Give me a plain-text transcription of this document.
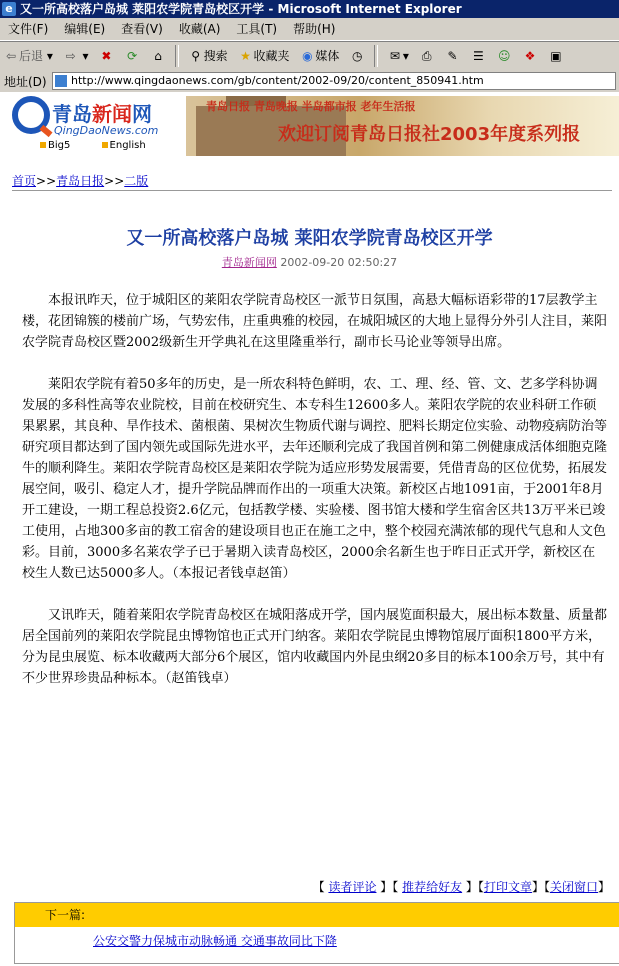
e 又一所高校落户岛城 莱阳农学院青岛校区开学 - Microsoft Internet Explorer
文件(F) 编辑(E) 查看(V) 收藏(A) 工具(T) 帮助(H)
⇦ 后退 ▾ ⇨ ▾ ✖ ⟳ ⌂ ⚲ 搜索 ★ 收藏夹 ◉ 媒体 ◷ ✉ ▾ ⎙ ✎ ☰ ☺ ❖ ▣
地址(D)	http://www.qingdaonews.com/gb/content/2002-09/20/content_850941.htm
青岛新闻网
QingDaoNews.com
Big5	English
青岛日报 青岛晚报 半岛都市报 老年生活报
欢迎订阅青岛日报社2003年度系列报
首页>>青岛日报>>二版
又一所高校落户岛城 莱阳农学院青岛校区开学
青岛新闻网 2002-09-20 02:50:27

　　本报讯昨天，位于城阳区的莱阳农学院青岛校区一派节日氛围，高悬大幅标语彩带的17层教学主楼，花团锦簇的楼前广场，气势宏伟，庄重典雅的校园，在城阳城区的大地上显得分外引人注目，莱阳农学院青岛校区暨2002级新生开学典礼在这里隆重举行，副市长马论业等领导出席。

　　莱阳农学院有着50多年的历史，是一所农科特色鲜明，农、工、理、经、管、文、艺多学科协调发展的多科性高等农业院校，目前在校研究生、本专科生12600多人。莱阳农学院的农业科研工作硕果累累，其良种、旱作技术、菌根菌、果树次生物质代谢与调控、肥料长期定位实验、动物疫病防治等研究项目都达到了国内领先或国际先进水平，去年还顺利完成了我国首例和第二例健康成活体细胞克隆牛的顺利降生。莱阳农学院青岛校区是莱阳农学院为适应形势发展需要，凭借青岛的区位优势，拓展发展空间，吸引、稳定人才，提升学院品牌而作出的一项重大决策。新校区占地1091亩，于2001年8月开工建设，一期工程总投资2.6亿元，包括教学楼、实验楼、图书馆大楼和学生宿舍区共13万平米已竣工使用，占地300多亩的教工宿舍的建设项目也正在施工之中，整个校园充满浓郁的现代气息和人文色彩。目前，3000多名莱农学子已于暑期入读青岛校区，2000余名新生也于昨日正式开学，新校区在校生人数已达5000多人。（本报记者钱卓赵笛）

　　又讯昨天，随着莱阳农学院青岛校区在城阳落成开学，国内展览面积最大，展出标本数量、质量都居全国前列的莱阳农学院昆虫博物馆也正式开门纳客。莱阳农学院昆虫博物馆展厅面积1800平方米，分为昆虫展览、标本收藏两大部分6个展区，馆内收藏国内外昆虫纲20多目的标本100余万号，其中有不少世界珍贵品种标本。（赵笛钱卓）

【 读者评论 】【 推荐给好友 】【打印文章】【关闭窗口】
下一篇:
公安交警力保城市动脉畅通 交通事故同比下降
